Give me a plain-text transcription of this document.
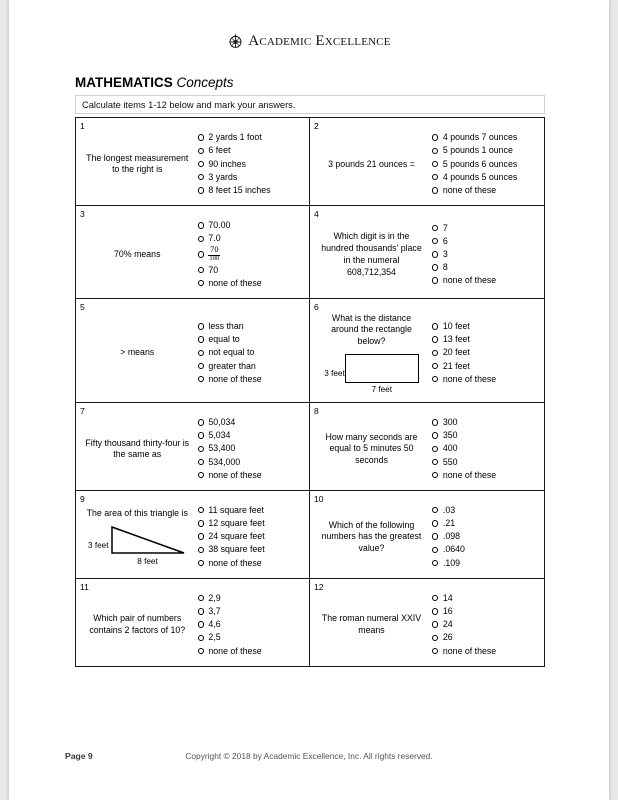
Academic Excellence
MATHEMATICS Concepts
Calculate items 1-12 below and mark your answers.
1
The longest measurement to the right is
2 yards 1 foot
6 feet
90 inches
3 yards
8 feet 15 inches
2
3 pounds 21 ounces =
4 pounds 7 ounces
5 pounds 1 ounce
5 pounds 6 ounces
4 pounds 5 ounces
none of these
3
70% means
70.00
7.0
$\frac{70}{100}$
70
none of these
4
Which digit is in the hundred thousands' place in the numeral 608,712,354
7
6
3
8
none of these
5
> means
less than
equal to
not equal to
greater than
none of these
6
What is the distance around the rectangle below?
3 feet
7 feet
10 feet
13 feet
20 feet
21 feet
none of these
7
Fifty thousand thirty-four is the same as
50,034
5,034
53,400
534,000
none of these
8
How many seconds are equal to 5 minutes 50 seconds
300
350
400
550
none of these
9
The area of this triangle is
3 feet
8 feet
11 square feet
12 square feet
24 square feet
38 square feet
none of these
10
Which of the following numbers has the greatest value?
.03
.21
.098
.0640
.109
11
Which pair of numbers contains 2 factors of 10?
2,9
3,7
4,6
2,5
none of these
12
The roman numeral XXIV means
14
16
24
26
none of these
Page 9	Copyright © 2018 by Academic Excellence, Inc. All rights reserved.
